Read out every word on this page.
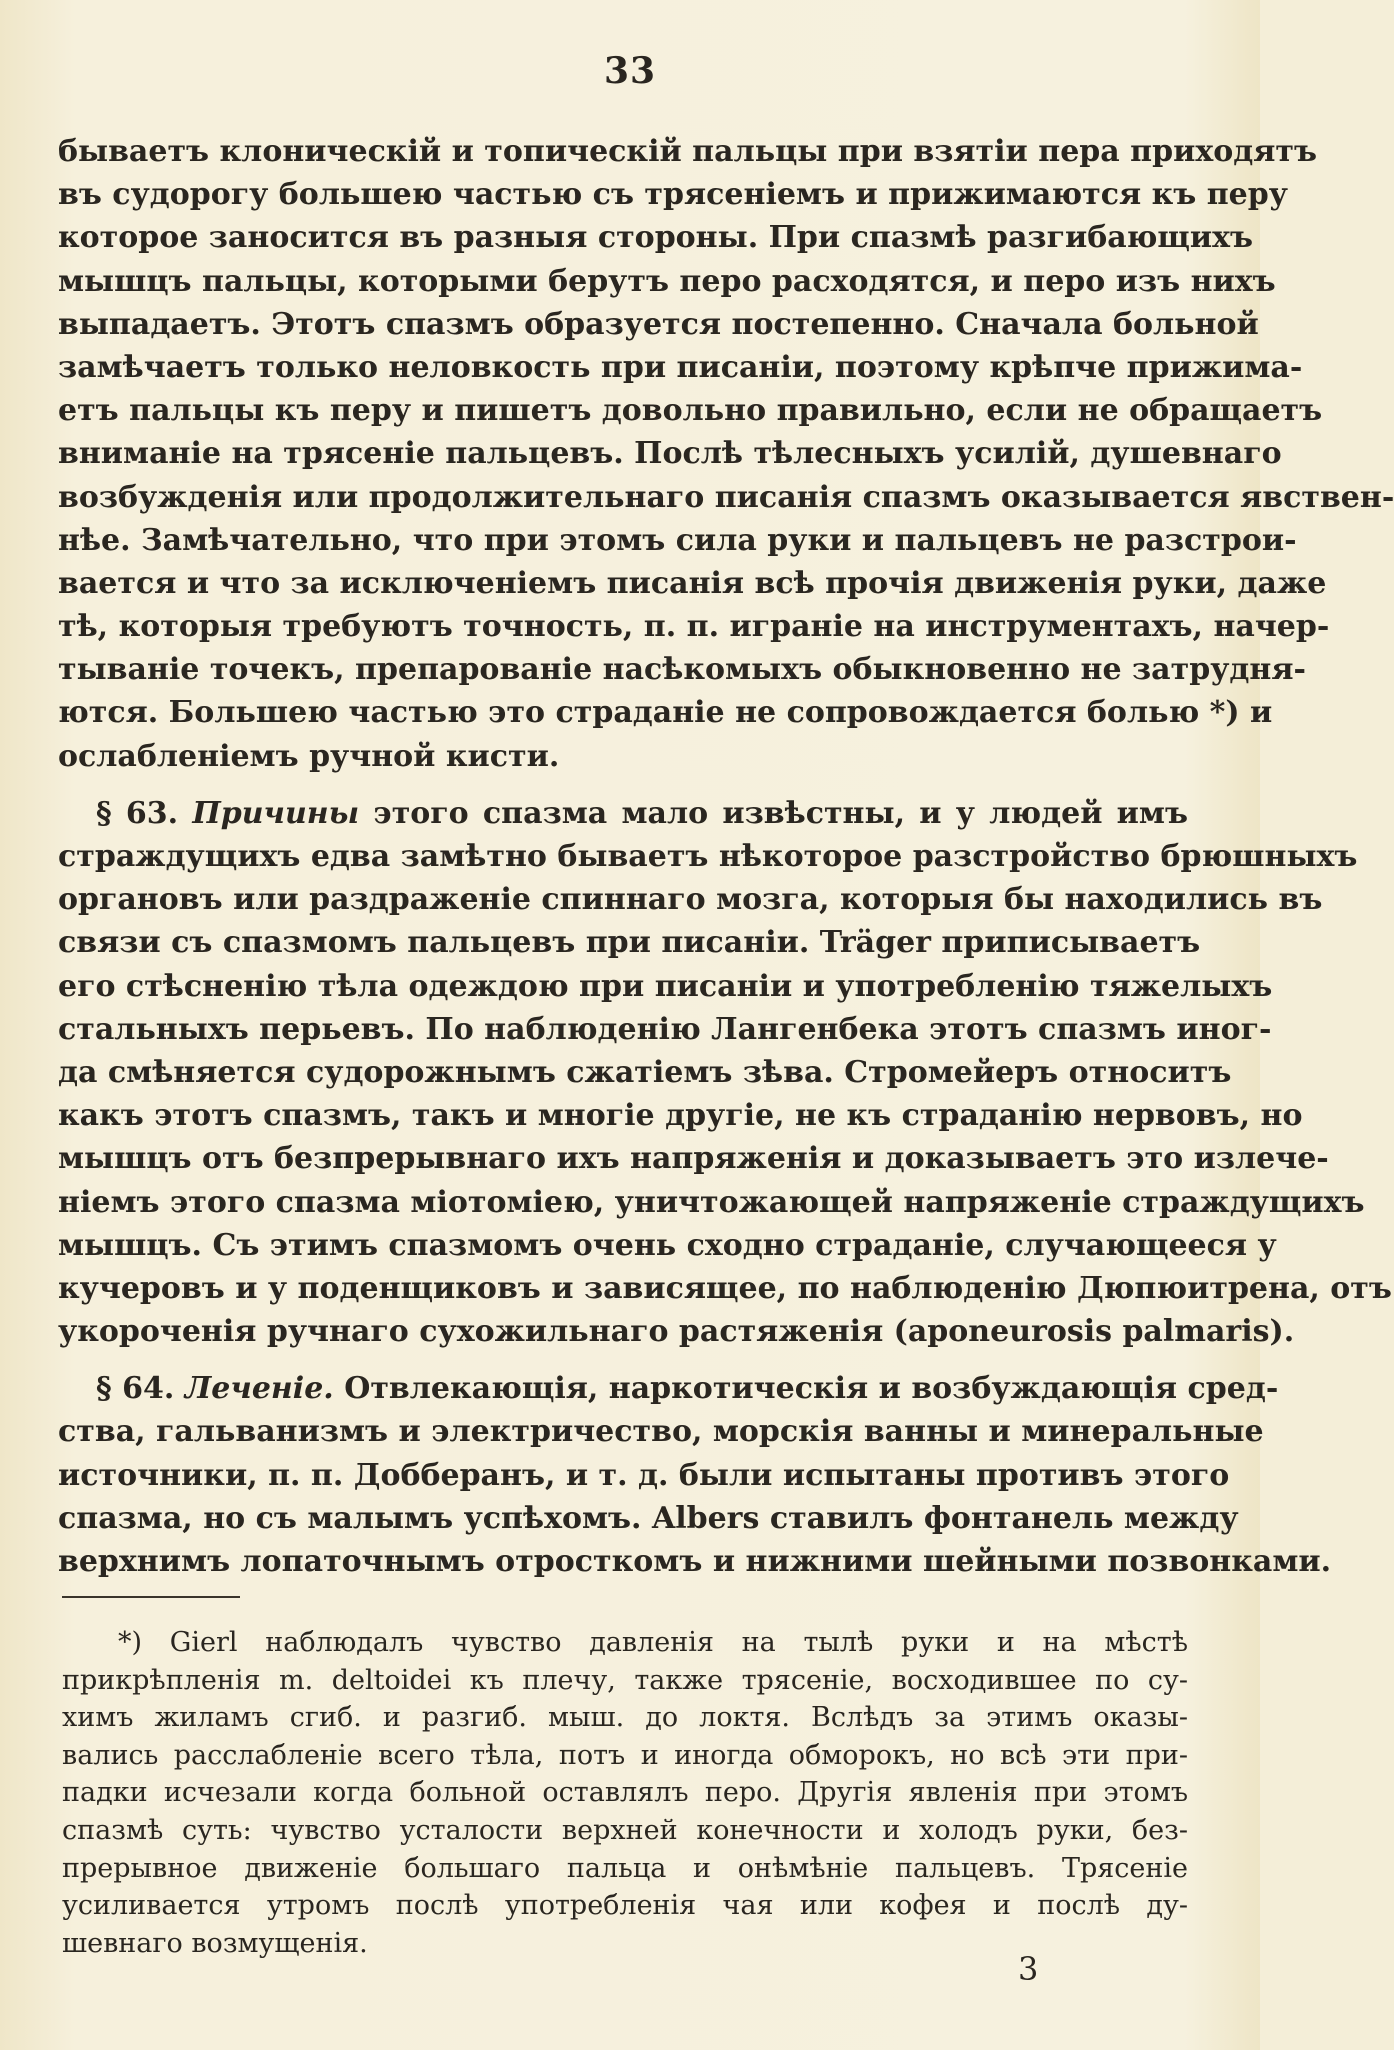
33
бываетъ клоническій и топическій пальцы при взятіи пера приходятъ
въ судорогу большею частью съ трясеніемъ и прижимаются къ перу
которое заносится въ разныя стороны. При спазмѣ разгибающихъ
мышцъ пальцы, которыми берутъ перо расходятся, и перо изъ нихъ
выпадаетъ. Этотъ спазмъ образуется постепенно. Сначала больной
замѣчаетъ только неловкость при писаніи, поэтому крѣпче прижима-
етъ пальцы къ перу и пишетъ довольно правильно, если не обращаетъ
вниманіе на трясеніе пальцевъ. Послѣ тѣлесныхъ усилій, душевнаго
возбужденія или продолжительнаго писанія спазмъ оказывается явствен-
нѣе. Замѣчательно, что при этомъ сила руки и пальцевъ не разстрои-
вается и что за исключеніемъ писанія всѣ прочія движенія руки, даже
тѣ, которыя требуютъ точность, п. п. играніе на инструментахъ, начер-
тываніе точекъ, препарованіе насѣкомыхъ обыкновенно не затрудня-
ются. Большею частью это страданіе не сопровождается болью *) и
ослабленіемъ ручной кисти.
§ 63. Причины этого спазма мало извѣстны, и у людей имъ
страждущихъ едва замѣтно бываетъ нѣкоторое разстройство брюшныхъ
органовъ или раздраженіе спиннаго мозга, которыя бы находились въ
связи съ спазмомъ пальцевъ при писаніи. Träger приписываетъ
его стѣсненію тѣла одеждою при писаніи и употребленію тяжелыхъ
стальныхъ перьевъ. По наблюденію Лангенбека этотъ спазмъ иног-
да смѣняется судорожнымъ сжатіемъ зѣва. Стромейеръ относитъ
какъ этотъ спазмъ, такъ и многіе другіе, не къ страданію нервовъ, но
мышцъ отъ безпрерывнаго ихъ напряженія и доказываетъ это излече-
ніемъ этого спазма міотоміею, уничтожающей напряженіе страждущихъ
мышцъ. Съ этимъ спазмомъ очень сходно страданіе, случающееся у
кучеровъ и у поденщиковъ и зависящее, по наблюденію Дюпюитрена, отъ
укороченія ручнаго сухожильнаго растяженія (aponeurosis palmaris).
§ 64. Леченіе. Отвлекающія, наркотическія и возбуждающія сред-
ства, гальванизмъ и электричество, морскія ванны и минеральные
источники, п. п. Добберанъ, и т. д. были испытаны противъ этого
спазма, но съ малымъ успѣхомъ. Albers ставилъ фонтанель между
верхнимъ лопаточнымъ отросткомъ и нижними шейными позвонками.
*) Gierl наблюдалъ чувство давленія на тылѣ руки и на мѣстѣ
прикрѣпленія m. deltoidei къ плечу, также трясеніе, восходившее по су-
химъ жиламъ сгиб. и разгиб. мыш. до локтя. Вслѣдъ за этимъ оказы-
вались расслабленіе всего тѣла, потъ и иногда обморокъ, но всѣ эти при-
падки исчезали когда больной оставлялъ перо. Другія явленія при этомъ
спазмѣ суть: чувство усталости верхней конечности и холодъ руки, без-
прерывное движеніе большаго пальца и онѣмѣніе пальцевъ. Трясеніе
усиливается утромъ послѣ употребленія чая или кофея и послѣ ду-
шевнаго возмущенія.
3
